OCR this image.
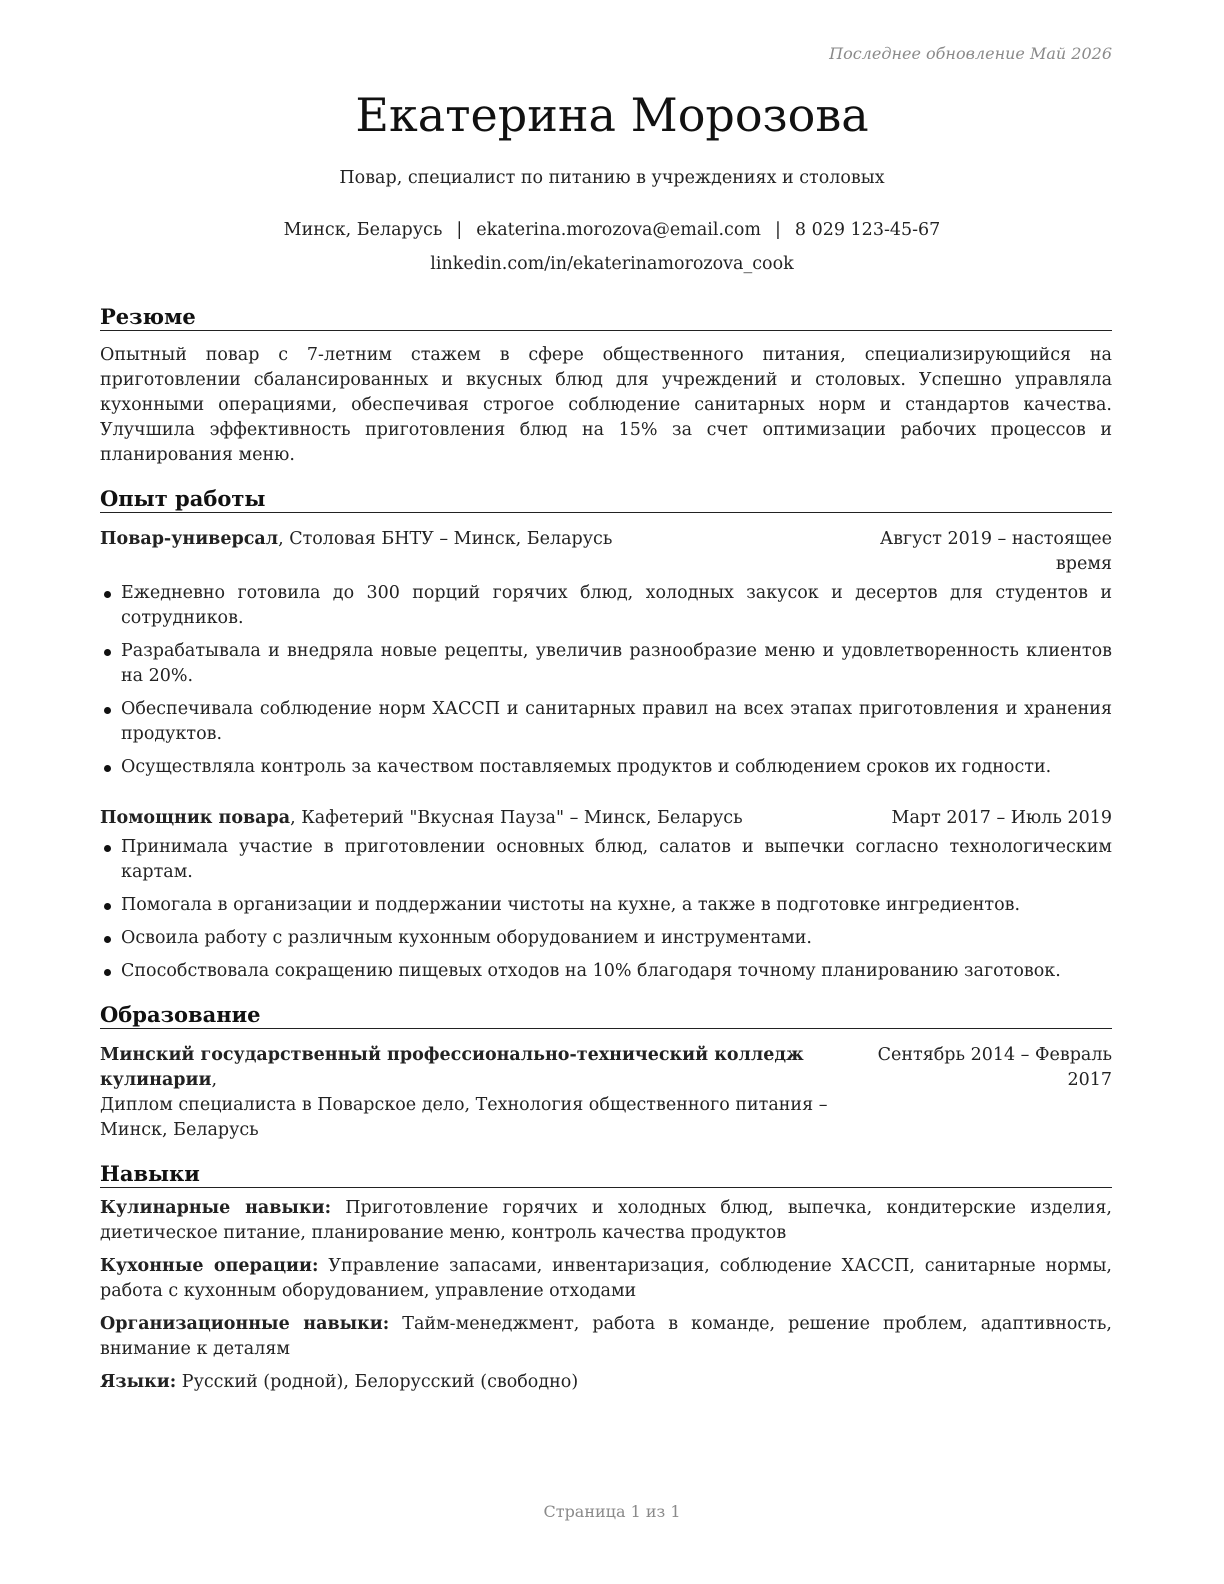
Последнее обновление Май 2026
Екатерина Морозова
Повар, специалист по питанию в учреждениях и столовых
Минск, Беларусь | ekaterina.morozova@email.com | 8 029 123-45-67
linkedin.com/in/ekaterinamorozova_cook
Резюме

Опытный повар с 7-летним стажем в сфере общественного питания, специализирующийся на приготовлении сбалансированных и вкусных блюд для учреждений и столовых. Успешно управляла кухонными операциями, обеспечивая строгое соблюдение санитарных норм и стандартов качества. Улучшила эффективность приготовления блюд на 15% за счет оптимизации рабочих процессов и планирования меню.

Опыт работы
Повар-универсал, Столовая БНТУ – Минск, Беларусь	Август 2019 – настоящее время
Ежедневно готовила до 300 порций горячих блюд, холодных закусок и десертов для студентов и сотрудников.
Разрабатывала и внедряла новые рецепты, увеличив разнообразие меню и удовлетворенность клиентов на 20%.
Обеспечивала соблюдение норм ХАССП и санитарных правил на всех этапах приготовления и хранения продуктов.
Осуществляла контроль за качеством поставляемых продуктов и соблюдением сроков их годности.
Помощник повара, Кафетерий "Вкусная Пауза" – Минск, Беларусь	Март 2017 – Июль 2019
Принимала участие в приготовлении основных блюд, салатов и выпечки согласно технологическим картам.
Помогала в организации и поддержании чистоты на кухне, а также в подготовке ингредиентов.
Освоила работу с различным кухонным оборудованием и инструментами.
Способствовала сокращению пищевых отходов на 10% благодаря точному планированию заготовок.
Образование
Минский государственный профессионально-технический колледж кулинарии,
Диплом специалиста в Поварское дело, Технология общественного питания – Минск, Беларусь
Сентябрь 2014 – Февраль 2017
Навыки

Кулинарные навыки: Приготовление горячих и холодных блюд, выпечка, кондитерские изделия, диетическое питание, планирование меню, контроль качества продуктов

Кухонные операции: Управление запасами, инвентаризация, соблюдение ХАССП, санитарные нормы, работа с кухонным оборудованием, управление отходами

Организационные навыки: Тайм-менеджмент, работа в команде, решение проблем, адаптивность, внимание к деталям

Языки: Русский (родной), Белорусский (свободно)

Страница 1 из 1
